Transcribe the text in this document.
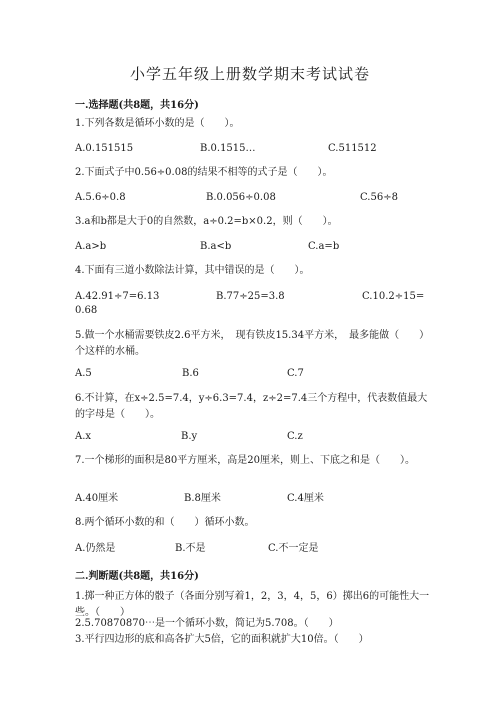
小学五年级上册数学期末考试试卷
一.选择题(共8题，共16分)
1.下列各数是循环小数的是（　　）。
A.0.151515	B.0.1515…	C.511512
2.下面式子中0.56÷0.08的结果不相等的式子是（　　）。
A.5.6÷0.8	B.0.056÷0.08	C.56÷8
3.a和b都是大于0的自然数，a÷0.2=b×0.2，则（　　）。
A.a>b	B.a<b	C.a=b
4.下面有三道小数除法计算，其中错误的是（　　）。
A.42.91÷7=6.13	B.77÷25=3.8	C.10.2÷15=
0.68
5.做一个水桶需要铁皮2.6平方米，　现有铁皮15.34平方米，　最多能做（　　）个这样的水桶。
A.5	B.6	C.7
6.不计算，在x÷2.5=7.4，y÷6.3=7.4，z÷2=7.4三个方程中，代表数值最大的字母是（　　）。
A.x	B.y	C.z
7.一个梯形的面积是80平方厘米，高是20厘米，则上、下底之和是（　　）。
A.40厘米	B.8厘米	C.4厘米
8.两个循环小数的和（　　）循环小数。
A.仍然是	B.不是	C.不一定是
二.判断题(共8题，共16分)
1.掷一种正方体的骰子（各面分别写着1，2，3，4，5，6）掷出6的可能性大一些。（　　）
2.5.70870870⋯是一个循环小数，简记为5.708。（　　）
3.平行四边形的底和高各扩大5倍，它的面积就扩大10倍。（　　）
